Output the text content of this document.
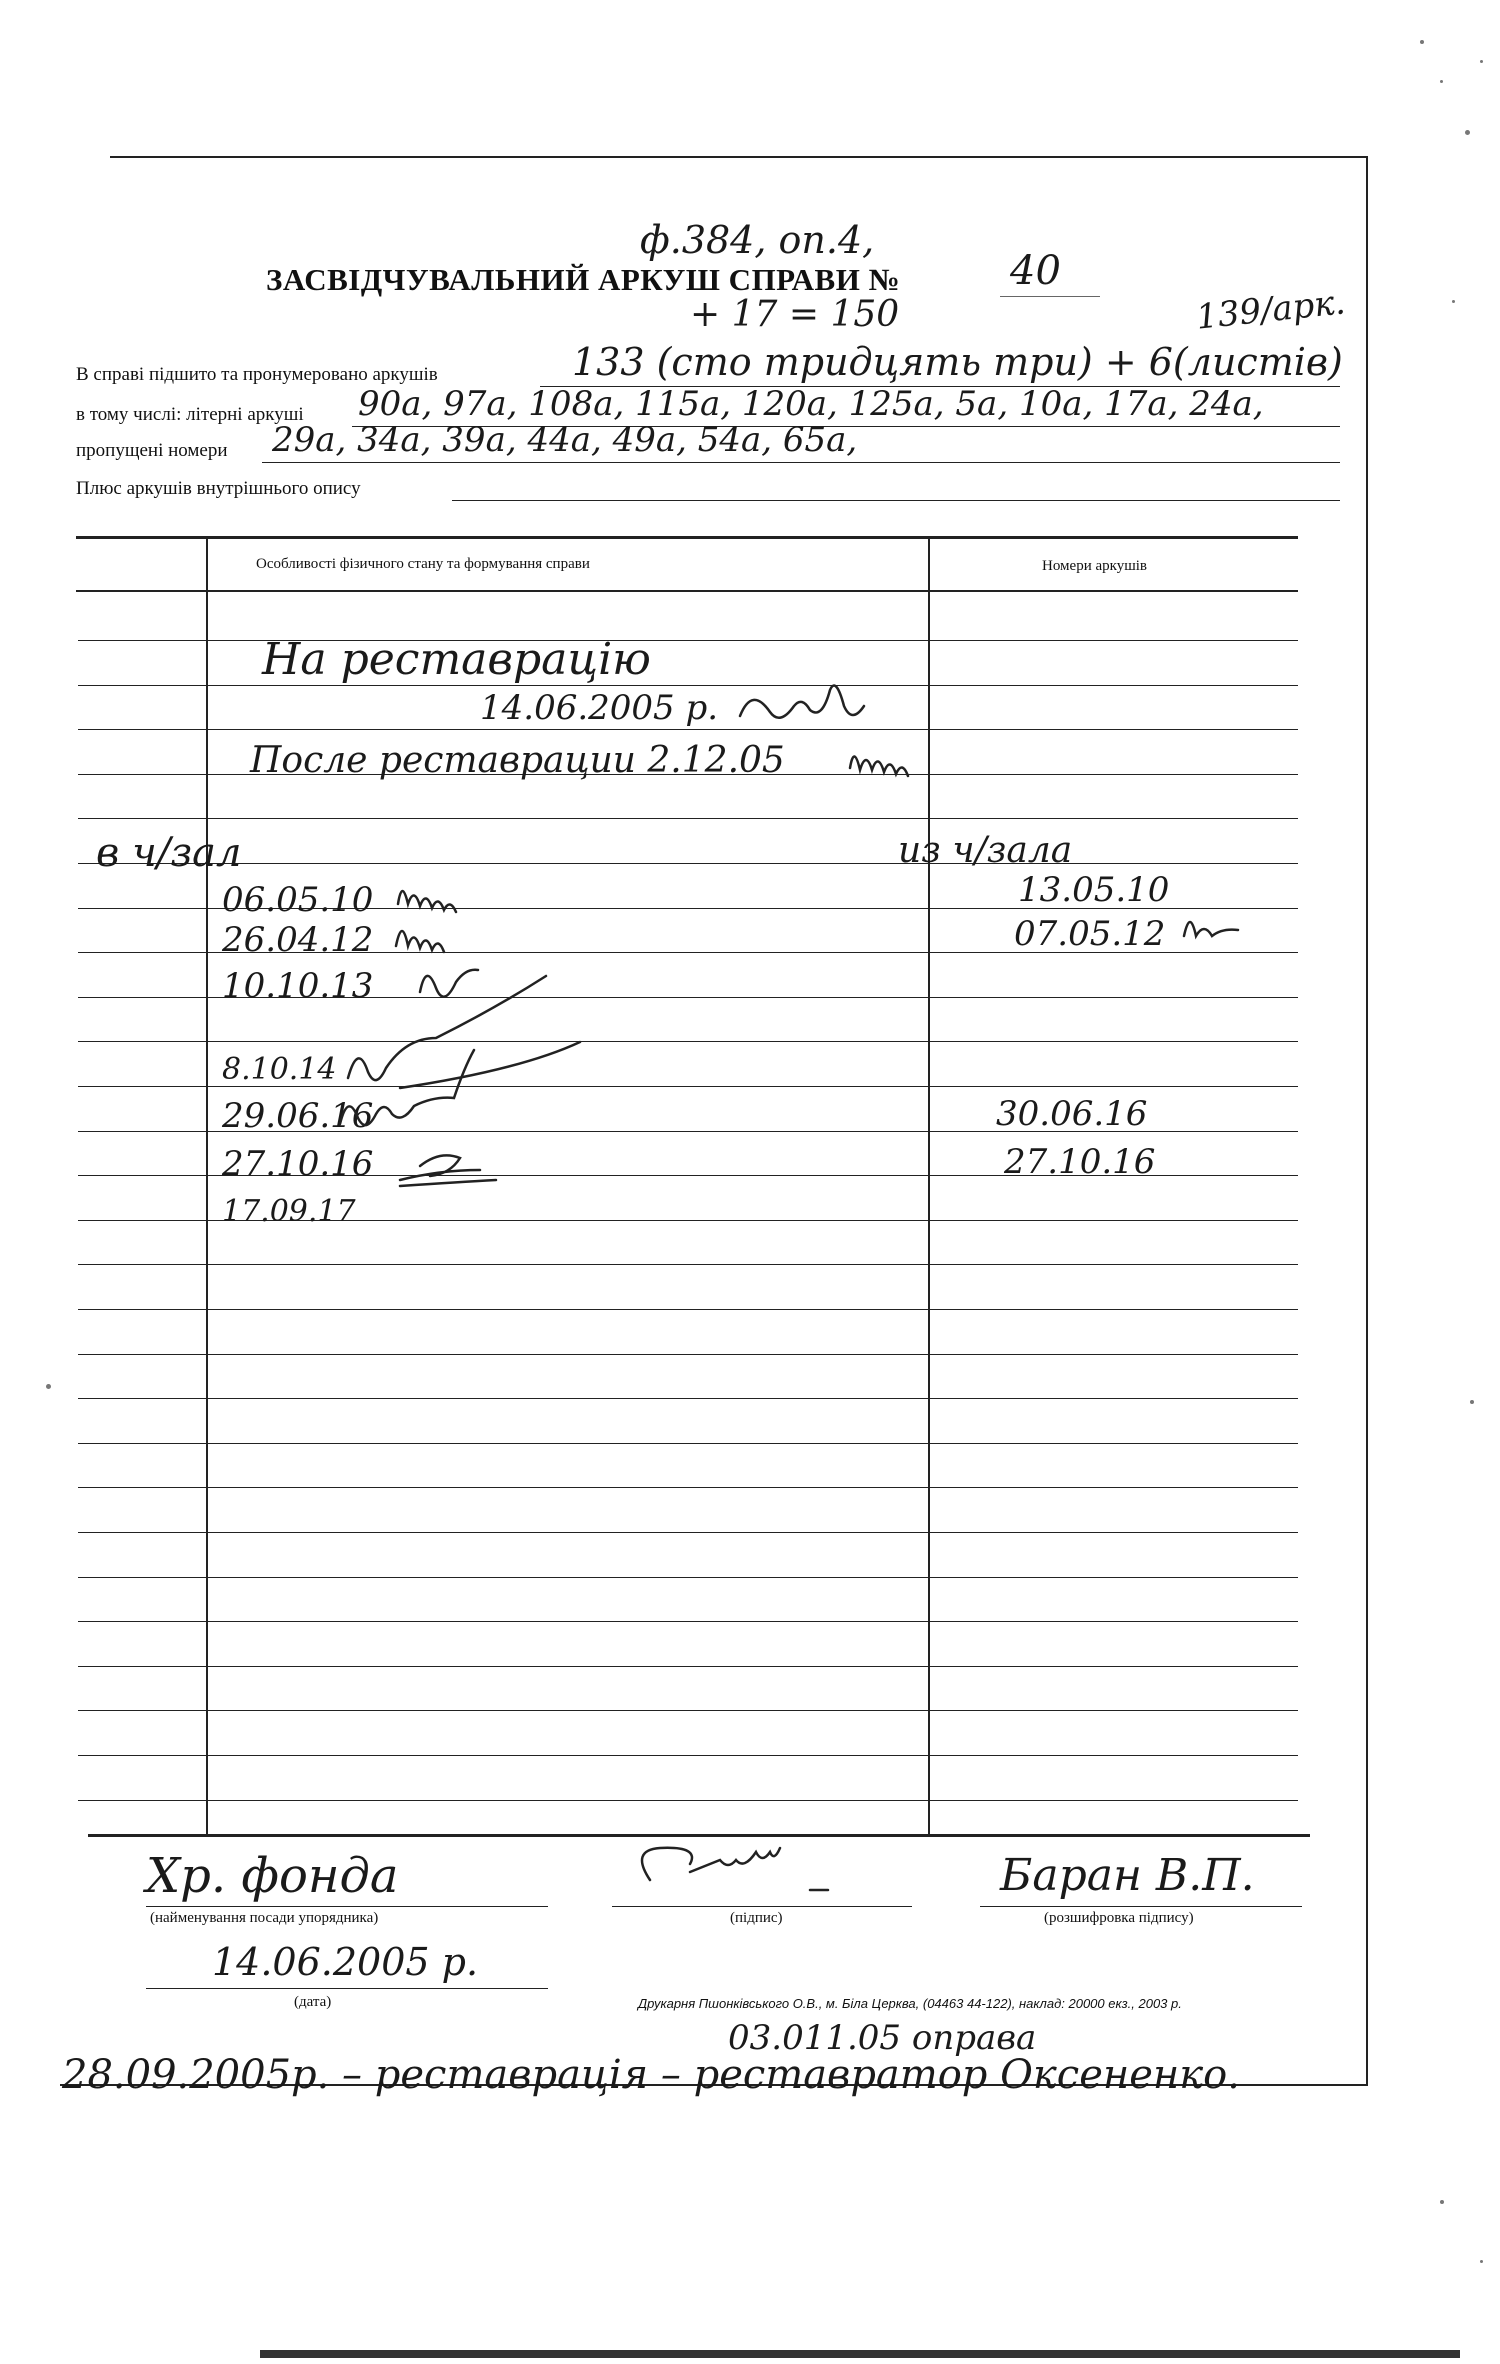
ф.384, оп.4,
ЗАСВІДЧУВАЛЬНИЙ АРКУШ СПРАВИ №	40
+ 17 = 150	139/арк.
В справі підшито та пронумеровано аркушів	133 (сто тридцять три) + 6(листів)
в тому числі: літерні аркуші 90а, 97а, 108а, 115а, 120а, 125а, 5а, 10а, 17а, 24а,
пропущені номери 29а, 34а, 39а, 44а, 49а, 54а, 65а,
Плюс аркушів внутрішнього опису
Особливості фізичного стану та формування справи	Номери аркушів
На реставрацію
14.06.2005 р.
После реставрации 2.12.05
в ч/зал	из ч/зала
06.05.10	13.05.10
26.04.12	07.05.12
10.10.13
8.10.14
29.06.16	30.06.16
27.10.16	27.10.16
17.09.17
Хр. фонда
(найменування посади упорядника)	(підпис)
Баран В.П.
(розшифровка підпису)
14.06.2005 р.
(дата)	Друкарня Пшонківського О.В., м. Біла Церква, (04463 44-122), наклад: 20000 екз., 2003 р.
03.011.05 оправа
28.09.2005р. – реставрація – реставратор Оксененко.
